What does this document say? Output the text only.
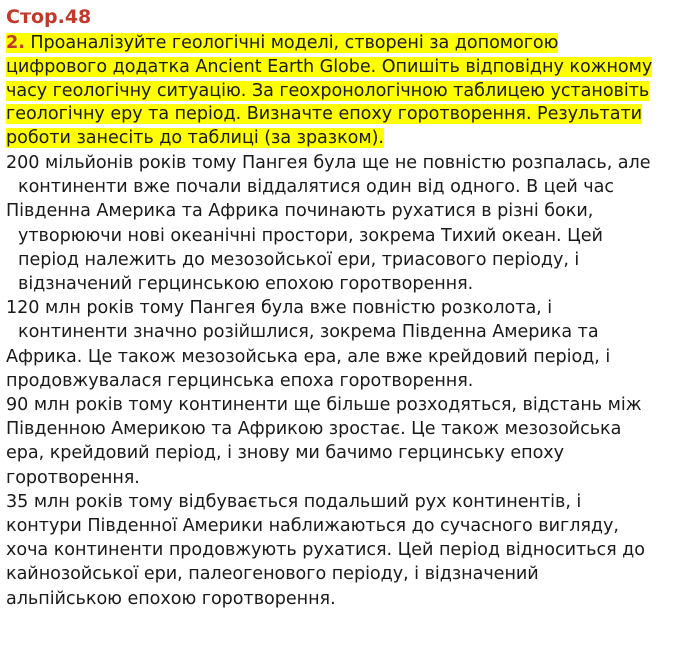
Стор.48
2. Проаналізуйте геологічні моделі, створені за допомогою
цифрового додатка Ancient Earth Globe. Опишіть відповідну кожному
часу геологічну ситуацію. За геохронологічною таблицею установіть
геологічну еру та період. Визначте епоху горотворення. Результати
роботи занесіть до таблиці (за зразком).
200 мільйонів років тому Пангея була ще не повністю розпалась, але
континенти вже почали віддалятися один від одного. В цей час
Південна Америка та Африка починають рухатися в різні боки,
утворюючи нові океанічні простори, зокрема Тихий океан. Цей
період належить до мезозойської ери, триасового періоду, і
відзначений герцинською епохою горотворення.
120 млн років тому Пангея була вже повністю розколота, і
континенти значно розійшлися, зокрема Південна Америка та
Африка. Це також мезозойська ера, але вже крейдовий період, і
продовжувалася герцинська епоха горотворення.
90 млн років тому континенти ще більше розходяться, відстань між
Південною Америкою та Африкою зростає. Це також мезозойська
ера, крейдовий період, і знову ми бачимо герцинську епоху
горотворення.
35 млн років тому відбувається подальший рух континентів, і
контури Південної Америки наближаються до сучасного вигляду,
хоча континенти продовжують рухатися. Цей період відноситься до
кайнозойської ери, палеогенового періоду, і відзначений
альпійською епохою горотворення.
